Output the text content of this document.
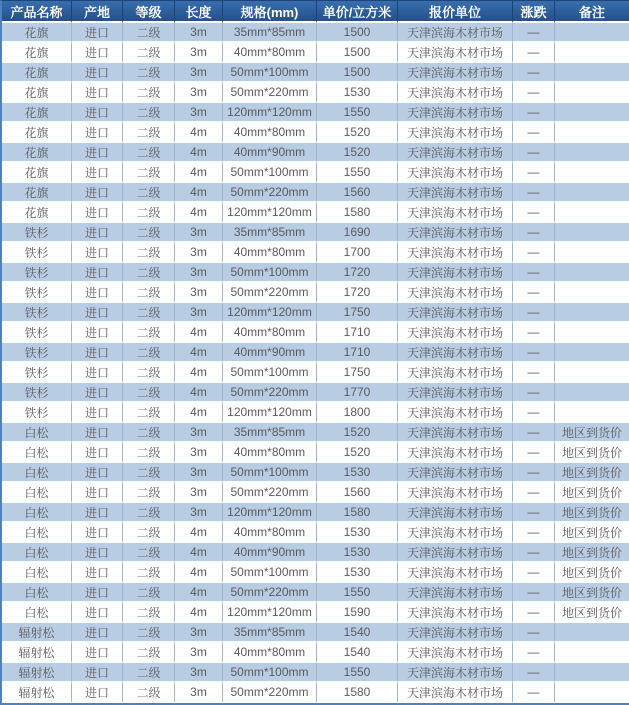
产品名称	产地	等级	长度	规格(mm)	单价/立方米	报价单位	涨跌	备注
花旗	进口	二级	3m	35mm*85mm	1500	天津滨海木材市场	—	
花旗	进口	二级	3m	40mm*80mm	1500	天津滨海木材市场	—	
花旗	进口	二级	3m	50mm*100mm	1500	天津滨海木材市场	—	
花旗	进口	二级	3m	50mm*220mm	1530	天津滨海木材市场	—	
花旗	进口	二级	3m	120mm*120mm	1550	天津滨海木材市场	—	
花旗	进口	二级	4m	40mm*80mm	1520	天津滨海木材市场	—	
花旗	进口	二级	4m	40mm*90mm	1520	天津滨海木材市场	—	
花旗	进口	二级	4m	50mm*100mm	1550	天津滨海木材市场	—	
花旗	进口	二级	4m	50mm*220mm	1560	天津滨海木材市场	—	
花旗	进口	二级	4m	120mm*120mm	1580	天津滨海木材市场	—	
铁杉	进口	二级	3m	35mm*85mm	1690	天津滨海木材市场	—	
铁杉	进口	二级	3m	40mm*80mm	1700	天津滨海木材市场	—	
铁杉	进口	二级	3m	50mm*100mm	1720	天津滨海木材市场	—	
铁杉	进口	二级	3m	50mm*220mm	1720	天津滨海木材市场	—	
铁杉	进口	二级	3m	120mm*120mm	1750	天津滨海木材市场	—	
铁杉	进口	二级	4m	40mm*80mm	1710	天津滨海木材市场	—	
铁杉	进口	二级	4m	40mm*90mm	1710	天津滨海木材市场	—	
铁杉	进口	二级	4m	50mm*100mm	1750	天津滨海木材市场	—	
铁杉	进口	二级	4m	50mm*220mm	1770	天津滨海木材市场	—	
铁杉	进口	二级	4m	120mm*120mm	1800	天津滨海木材市场	—	
白松	进口	二级	3m	35mm*85mm	1520	天津滨海木材市场	—	地区到货价
白松	进口	二级	3m	40mm*80mm	1520	天津滨海木材市场	—	地区到货价
白松	进口	二级	3m	50mm*100mm	1530	天津滨海木材市场	—	地区到货价
白松	进口	二级	3m	50mm*220mm	1560	天津滨海木材市场	—	地区到货价
白松	进口	二级	3m	120mm*120mm	1580	天津滨海木材市场	—	地区到货价
白松	进口	二级	4m	40mm*80mm	1530	天津滨海木材市场	—	地区到货价
白松	进口	二级	4m	40mm*90mm	1530	天津滨海木材市场	—	地区到货价
白松	进口	二级	4m	50mm*100mm	1530	天津滨海木材市场	—	地区到货价
白松	进口	二级	4m	50mm*220mm	1550	天津滨海木材市场	—	地区到货价
白松	进口	二级	4m	120mm*120mm	1590	天津滨海木材市场	—	地区到货价
辐射松	进口	二级	3m	35mm*85mm	1540	天津滨海木材市场	—	
辐射松	进口	二级	3m	40mm*80mm	1540	天津滨海木材市场	—	
辐射松	进口	二级	3m	50mm*100mm	1550	天津滨海木材市场	—	
辐射松	进口	二级	3m	50mm*220mm	1580	天津滨海木材市场	—	
